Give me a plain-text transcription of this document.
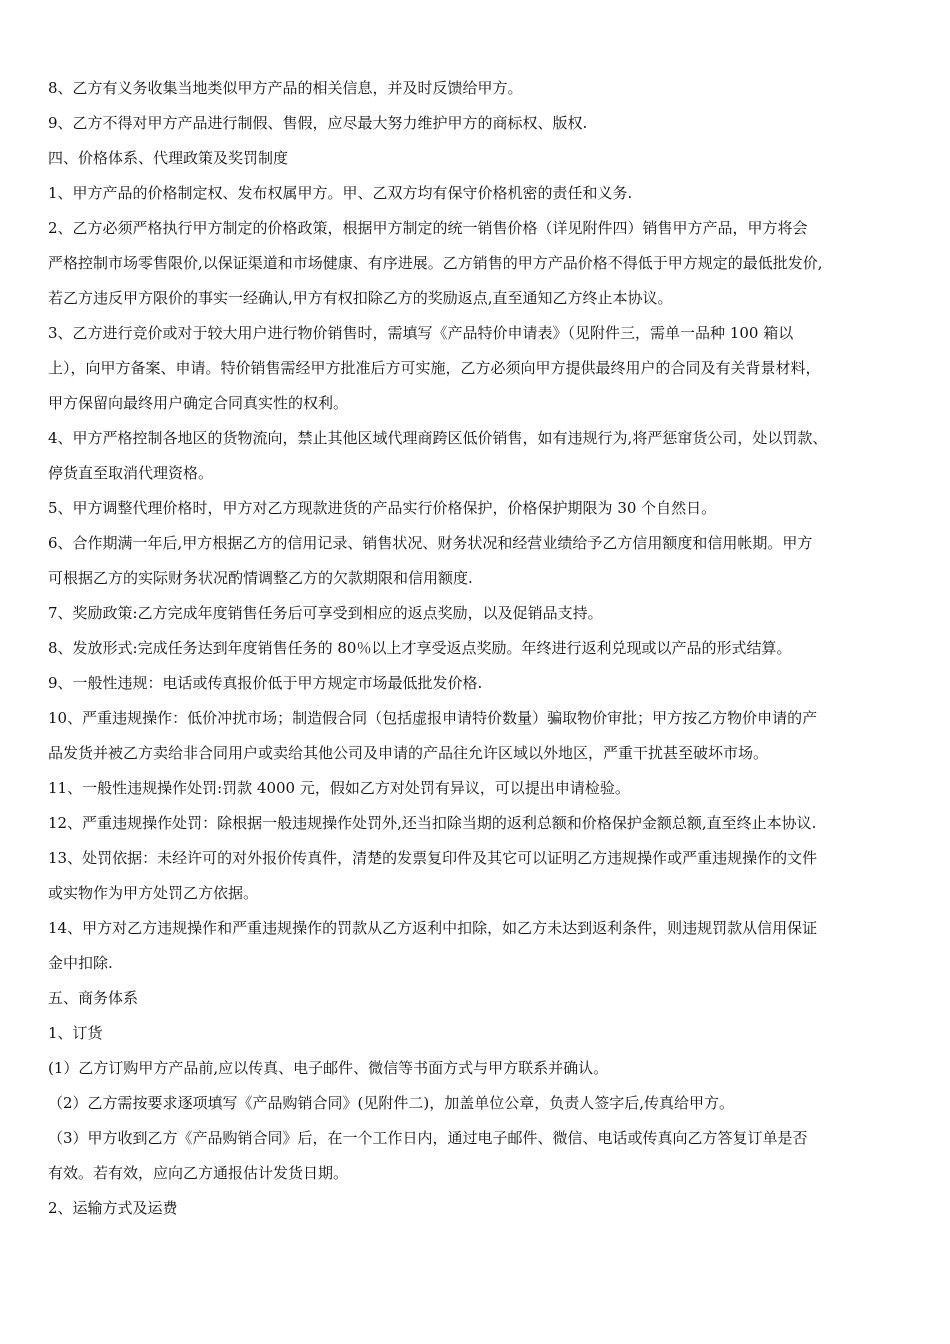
8、乙方有义务收集当地类似甲方产品的相关信息，并及时反馈给甲方。
9、乙方不得对甲方产品进行制假、售假，应尽最大努力维护甲方的商标权、版权.
四、价格体系、代理政策及奖罚制度
1、甲方产品的价格制定权、发布权属甲方。甲、乙双方均有保守价格机密的责任和义务.
2、乙方必须严格执行甲方制定的价格政策，根据甲方制定的统一销售价格（详见附件四）销售甲方产品，甲方将会
严格控制市场零售限价,以保证渠道和市场健康、有序进展。乙方销售的甲方产品价格不得低于甲方规定的最低批发价,
若乙方违反甲方限价的事实一经确认,甲方有权扣除乙方的奖励返点,直至通知乙方终止本协议。
3、乙方进行竞价或对于较大用户进行物价销售时，需填写《产品特价申请表》（见附件三，需单一品种 100 箱以
上），向甲方备案、申请。特价销售需经甲方批准后方可实施，乙方必须向甲方提供最终用户的合同及有关背景材料，
甲方保留向最终用户确定合同真实性的权利。
4、甲方严格控制各地区的货物流向，禁止其他区域代理商跨区低价销售，如有违规行为,将严惩窜货公司，处以罚款、
停货直至取消代理资格。
5、甲方调整代理价格时，甲方对乙方现款进货的产品实行价格保护，价格保护期限为 30 个自然日。
6、合作期满一年后,甲方根据乙方的信用记录、销售状况、财务状况和经营业绩给予乙方信用额度和信用帐期。甲方
可根据乙方的实际财务状况酌情调整乙方的欠款期限和信用额度.
7、奖励政策:乙方完成年度销售任务后可享受到相应的返点奖励，以及促销品支持。
8、发放形式:完成任务达到年度销售任务的 80％以上才享受返点奖励。年终进行返利兑现或以产品的形式结算。
9、一般性违规：电话或传真报价低于甲方规定市场最低批发价格.
10、严重违规操作：低价冲扰市场；制造假合同（包括虚报申请特价数量）骗取物价审批；甲方按乙方物价申请的产
品发货并被乙方卖给非合同用户或卖给其他公司及申请的产品往允许区域以外地区，严重干扰甚至破坏市场。
11、一般性违规操作处罚:罚款 4000 元，假如乙方对处罚有异议，可以提出申请检验。
12、严重违规操作处罚：除根据一般违规操作处罚外,还当扣除当期的返利总额和价格保护金额总额,直至终止本协议.
13、处罚依据：未经许可的对外报价传真件，清楚的发票复印件及其它可以证明乙方违规操作或严重违规操作的文件
或实物作为甲方处罚乙方依据。
14、甲方对乙方违规操作和严重违规操作的罚款从乙方返利中扣除，如乙方未达到返利条件，则违规罚款从信用保证
金中扣除.
五、商务体系
1、订货
(1）乙方订购甲方产品前,应以传真、电子邮件、微信等书面方式与甲方联系并确认。
（2）乙方需按要求逐项填写《产品购销合同》(见附件二)，加盖单位公章，负责人签字后,传真给甲方。
（3）甲方收到乙方《产品购销合同》后，在一个工作日内，通过电子邮件、微信、电话或传真向乙方答复订单是否
有效。若有效，应向乙方通报估计发货日期。
2、运输方式及运费
